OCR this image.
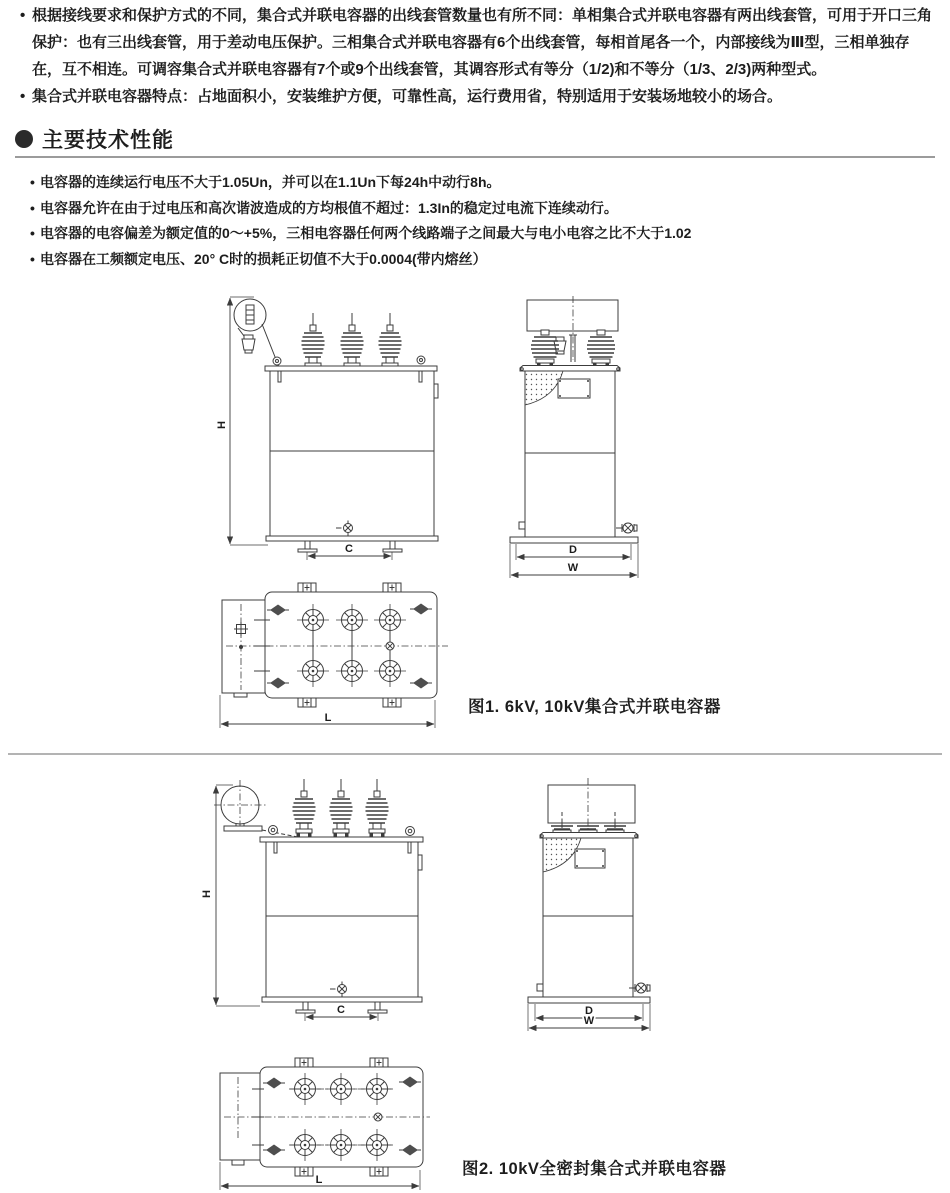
• 根据接线要求和保护方式的不同，集合式并联电容器的出线套管数量也有所不同：单相集合式并联电容器有两出线套管，可用于开口三角保护：也有三出线套管，用于差动电压保护。三相集合式并联电容器有6个出线套管，每相首尾各一个，内部接线为Ⅲ型，三相单独存在，互不相连。可调容集合式并联电容器有7个或9个出线套管，其调容形式有等分（1/2)和不等分（1/3、2/3)两种型式。
• 集合式并联电容器特点：占地面积小，安装维护方便，可靠性高，运行费用省，特别适用于安装场地较小的场合。
主要技术性能
• 电容器的连续运行电压不大于1.05Un，并可以在1.1Un下每24h中动行8h。
• 电容器允许在由于过电压和高次谐波造成的方均根值不超过：1.3In的稳定过电流下连续动行。
• 电容器的电容偏差为额定值的0～+5%，三相电容器任何两个线路端子之间最大与电小电容之比不大于1.02
• 电容器在工频额定电压、20° C时的损耗正切值不大于0.0004(带内熔丝）
H
C	D
W
L
图1. 6kV, 10kV集合式并联电容器
H
C	D
W
L
图2. 10kV全密封集合式并联电容器
